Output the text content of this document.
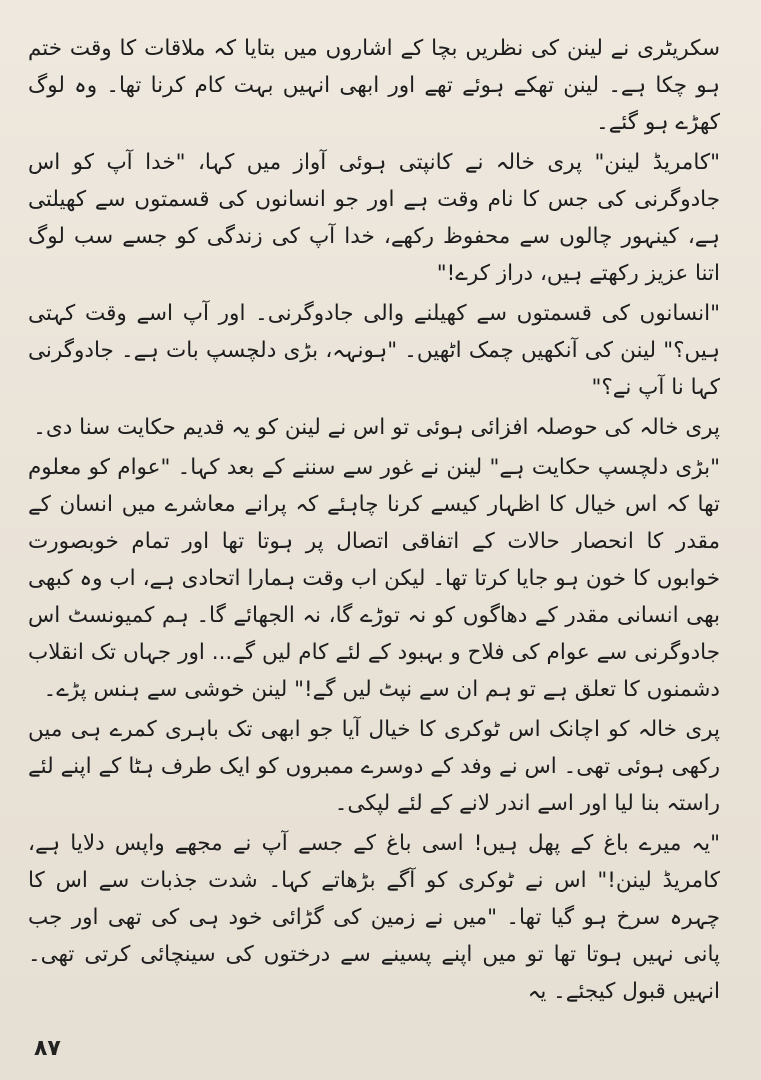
سکریٹری نے لینن کی نظریں بچا کے اشاروں میں بتایا کہ ملاقات کا وقت ختم ہو چکا ہے۔ لینن تھکے ہوئے تھے اور ابھی انہیں بہت کام کرنا تھا۔ وہ لوگ کھڑے ہو گئے۔

"کامریڈ لینن" پری خالہ نے کانپتی ہوئی آواز میں کہا، "خدا آپ کو اس جادوگرنی کی جس کا نام وقت ہے اور جو انسانوں کی قسمتوں سے کھیلتی ہے، کینہور چالوں سے محفوظ رکھے، خدا آپ کی زندگی کو جسے سب لوگ اتنا عزیز رکھتے ہیں، دراز کرے!"

"انسانوں کی قسمتوں سے کھیلنے والی جادوگرنی۔ اور آپ اسے وقت کہتی ہیں؟" لینن کی آنکھیں چمک اٹھیں۔ "ہونہہ، بڑی دلچسپ بات ہے۔ جادوگرنی کہا نا آپ نے؟"

پری خالہ کی حوصلہ افزائی ہوئی تو اس نے لینن کو یہ قدیم حکایت سنا دی۔

"بڑی دلچسپ حکایت ہے" لینن نے غور سے سننے کے بعد کہا۔ "عوام کو معلوم تھا کہ اس خیال کا اظہار کیسے کرنا چاہئے کہ پرانے معاشرے میں انسان کے مقدر کا انحصار حالات کے اتفاقی اتصال پر ہوتا تھا اور تمام خوبصورت خوابوں کا خون ہو جایا کرتا تھا۔ لیکن اب وقت ہمارا اتحادی ہے، اب وہ کبھی بھی انسانی مقدر کے دھاگوں کو نہ توڑے گا، نہ الجھائے گا۔ ہم کمیونسٹ اس جادوگرنی سے عوام کی فلاح و بہبود کے لئے کام لیں گے... اور جہاں تک انقلاب دشمنوں کا تعلق ہے تو ہم ان سے نپٹ لیں گے!" لینن خوشی سے ہنس پڑے۔

پری خالہ کو اچانک اس ٹوکری کا خیال آیا جو ابھی تک باہری کمرے ہی میں رکھی ہوئی تھی۔ اس نے وفد کے دوسرے ممبروں کو ایک طرف ہٹا کے اپنے لئے راستہ بنا لیا اور اسے اندر لانے کے لئے لپکی۔

"یہ میرے باغ کے پھل ہیں! اسی باغ کے جسے آپ نے مجھے واپس دلایا ہے، کامریڈ لینن!" اس نے ٹوکری کو آگے بڑھاتے کہا۔ شدت جذبات سے اس کا چہرہ سرخ ہو گیا تھا۔ "میں نے زمین کی گڑائی خود ہی کی تھی اور جب پانی نہیں ہوتا تھا تو میں اپنے پسینے سے درختوں کی سینچائی کرتی تھی۔ انہیں قبول کیجئے۔ یہ

۸۷
